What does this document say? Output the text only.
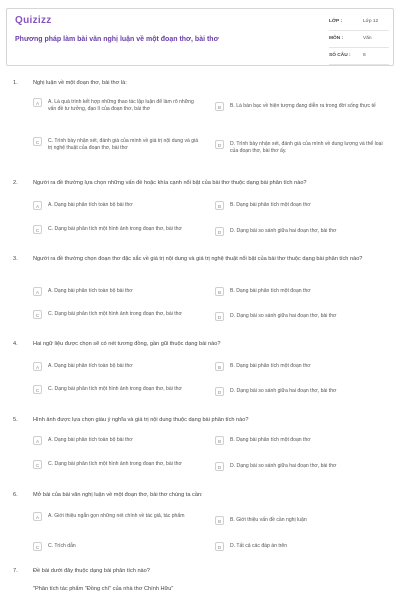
Quizizz
Phương pháp làm bài văn nghị luận về một đoạn thơ, bài thơ
LỚP :	Lớp 12
MÔN :	Văn
SỐ CÂU :	8
1.	Nghị luận về một đoạn thơ, bài thơ là:
A	A. Là quá trình kết hợp những thao tác lập luận để làm rõ những vấn đề tư tưởng, đạo lí của đoạn thơ, bài thơ	B	B. Là bàn bạc về hiện tượng đang diễn ra trong đời sống thực tế
C	C. Trình bày nhận xét, đánh giá của mình về giá trị nội dung và giá trị nghệ thuật của đoạn thơ, bài thơ	D	D. Trình bày nhận xét, đánh giá của mình về dung lượng và thể loại của đoạn thơ, bài thơ ấy.
2.	Người ra đề thường lựa chọn những vấn đề hoặc khía cạnh nổi bật của bài thơ thuộc dạng bài phân tích nào?
A	A. Dạng bài phân tích toàn bộ bài thơ	B	B. Dạng bài phân tích một đoạn thơ
C	C. Dạng bài phân tích một hình ảnh trong đoạn thơ, bài thơ
D	D. Dạng bài so sánh giữa hai đoạn thơ, bài thơ
3.	Người ra đề thường chọn đoạn thơ đặc sắc về giá trị nội dung và giá trị nghệ thuật nổi bật của bài thơ thuộc dạng bài phân tích nào?
A	A. Dạng bài phân tích toàn bộ bài thơ	B	B. Dạng bài phân tích một đoạn thơ
C	C. Dạng bài phân tích một hình ảnh trong đoạn thơ, bài thơ
D	D. Dạng bài so sánh giữa hai đoạn thơ, bài thơ
4.	Hai ngữ liệu được chọn sẽ có nét tương đồng, gần gũi thuộc dạng bài nào?
A	A. Dạng bài phân tích toàn bộ bài thơ	B	B. Dạng bài phân tích một đoạn thơ
C	C. Dạng bài phân tích một hình ảnh trong đoạn thơ, bài thơ
D	D. Dạng bài so sánh giữa hai đoạn thơ, bài thơ
5.	Hình ảnh được lựa chọn giàu ý nghĩa và giá trị nội dung thuộc dạng bài phân tích nào?
A	A. Dạng bài phân tích toàn bộ bài thơ	B	B. Dạng bài phân tích một đoạn thơ
C	C. Dạng bài phân tích một hình ảnh trong đoạn thơ, bài thơ
D	D. Dạng bài so sánh giữa hai đoạn thơ, bài thơ
6.	Mở bài của bài văn nghị luận về một đoạn thơ, bài thơ chúng ta cần:
A	A. Giới thiệu ngắn gọn những nét chính về tác giả, tác phẩm
B	B. Giới thiệu vấn đề cần nghị luận
C	C. Trích dẫn	D	D. Tất cả các đáp án trên
7.	Đề bài dưới đây thuộc dạng bài phân tích nào?
"Phân tích tác phẩm "Đồng chí" của nhà thơ Chính Hữu"
